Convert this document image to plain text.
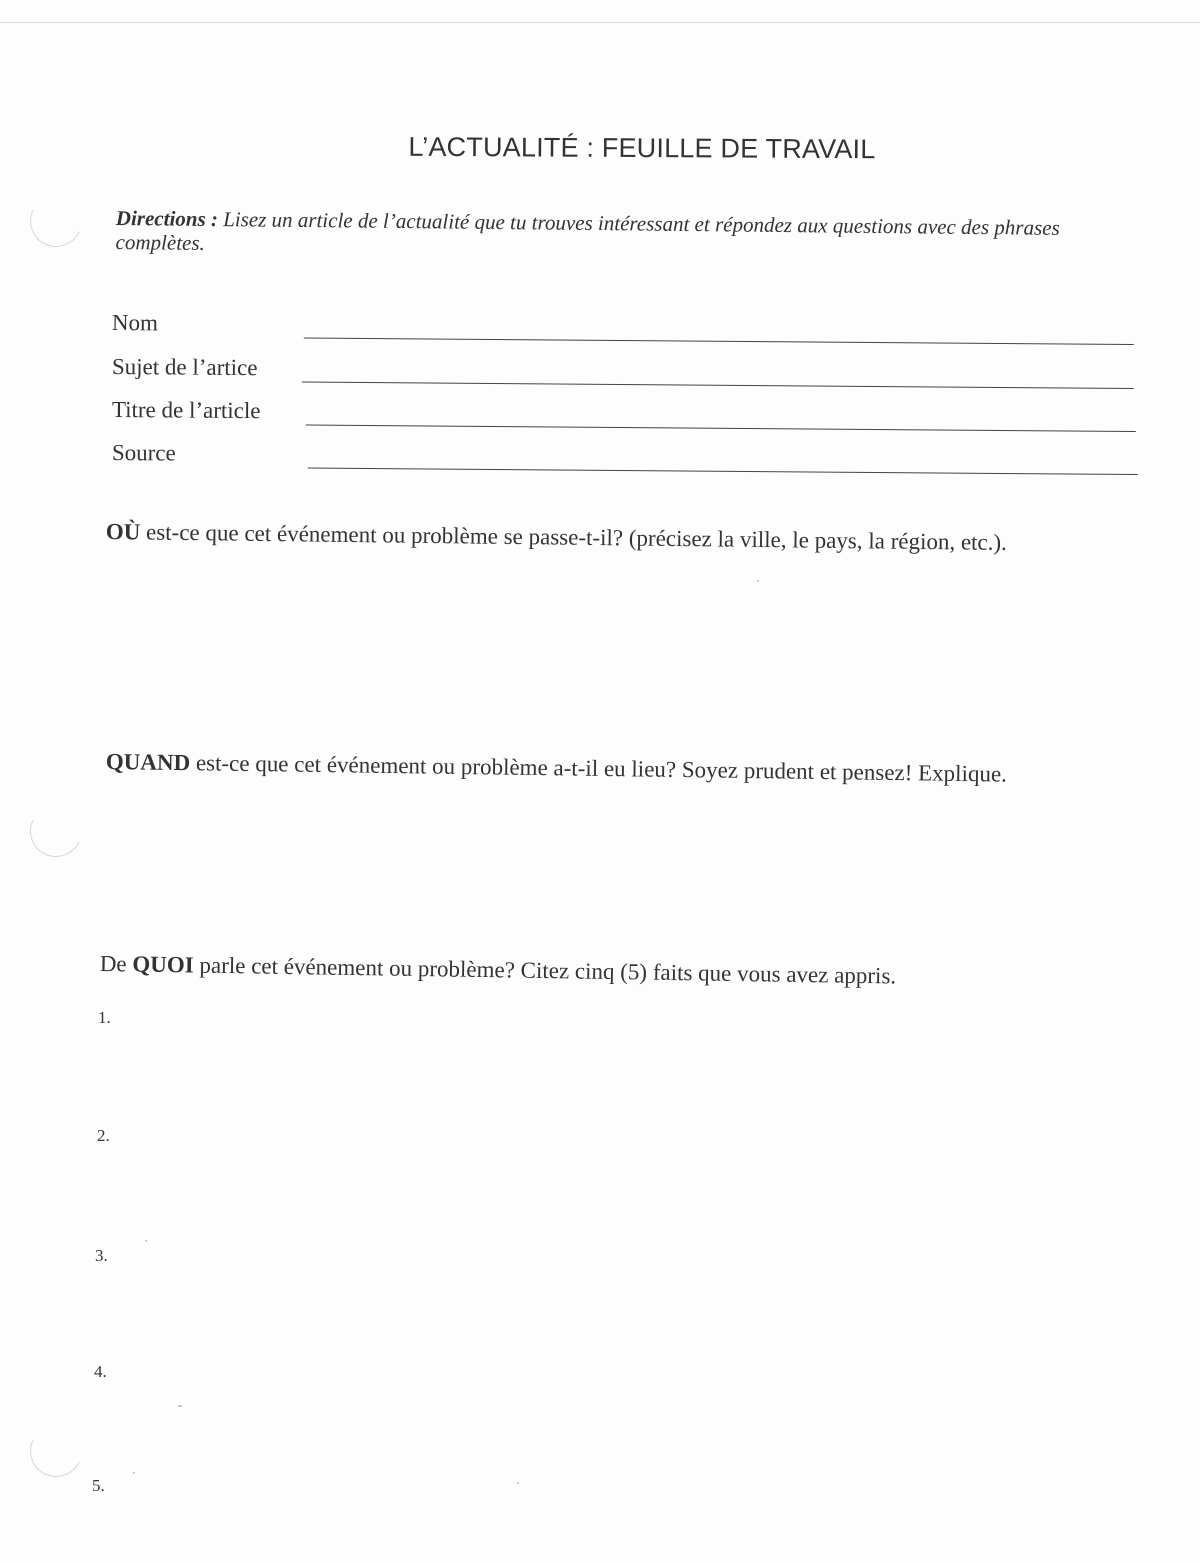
L’ACTUALITÉ : FEUILLE DE TRAVAIL
Directions : Lisez un article de l’actualité que tu trouves intéressant et répondez aux questions avec des phrases complètes.
Nom
Sujet de l’artice
Titre de l’article
Source
OÙ est-ce que cet événement ou problème se passe-t-il? (précisez la ville, le pays, la région, etc.).
QUAND est-ce que cet événement ou problème a-t-il eu lieu? Soyez prudent et pensez! Explique.
De QUOI parle cet événement ou problème? Citez cinq (5) faits que vous avez appris.
1.
2.
3.
4.
5.
